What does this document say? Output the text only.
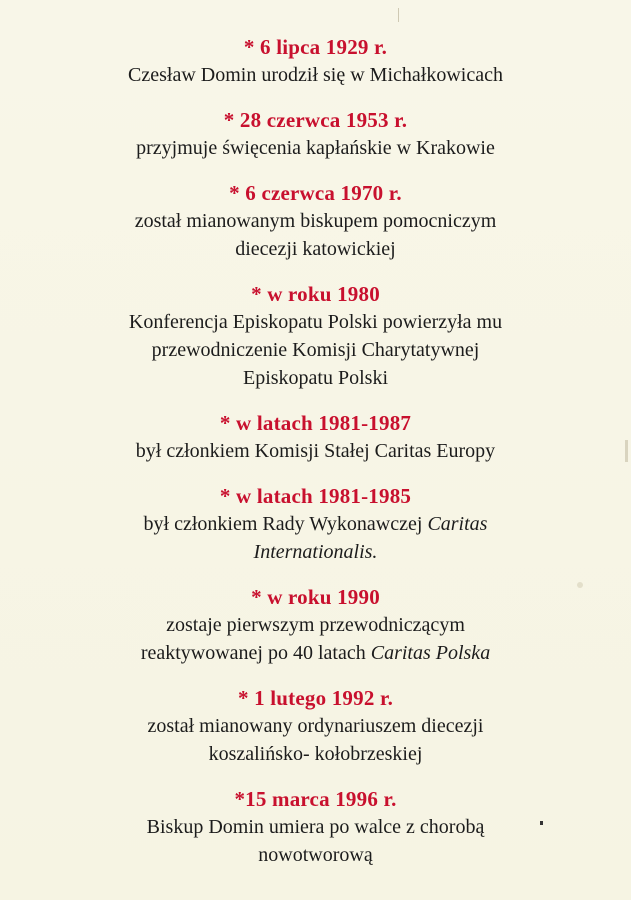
* 6 lipca 1929 r.
Czesław Domin urodził się w Michałkowicach
* 28 czerwca 1953 r.
przyjmuje święcenia kapłańskie w Krakowie
* 6 czerwca 1970 r.
został mianowanym biskupem pomocniczym
diecezji katowickiej
* w roku 1980
Konferencja Episkopatu Polski powierzyła mu
przewodniczenie Komisji Charytatywnej
Episkopatu Polski
* w latach 1981-1987
był członkiem Komisji Stałej Caritas Europy
* w latach 1981-1985
był członkiem Rady Wykonawczej Caritas
Internationalis.
* w roku 1990
zostaje pierwszym przewodniczącym
reaktywowanej po 40 latach Caritas Polska
* 1 lutego 1992 r.
został mianowany ordynariuszem diecezji
koszalińsko- kołobrzeskiej
*15 marca 1996 r.
Biskup Domin umiera po walce z chorobą
nowotworową
